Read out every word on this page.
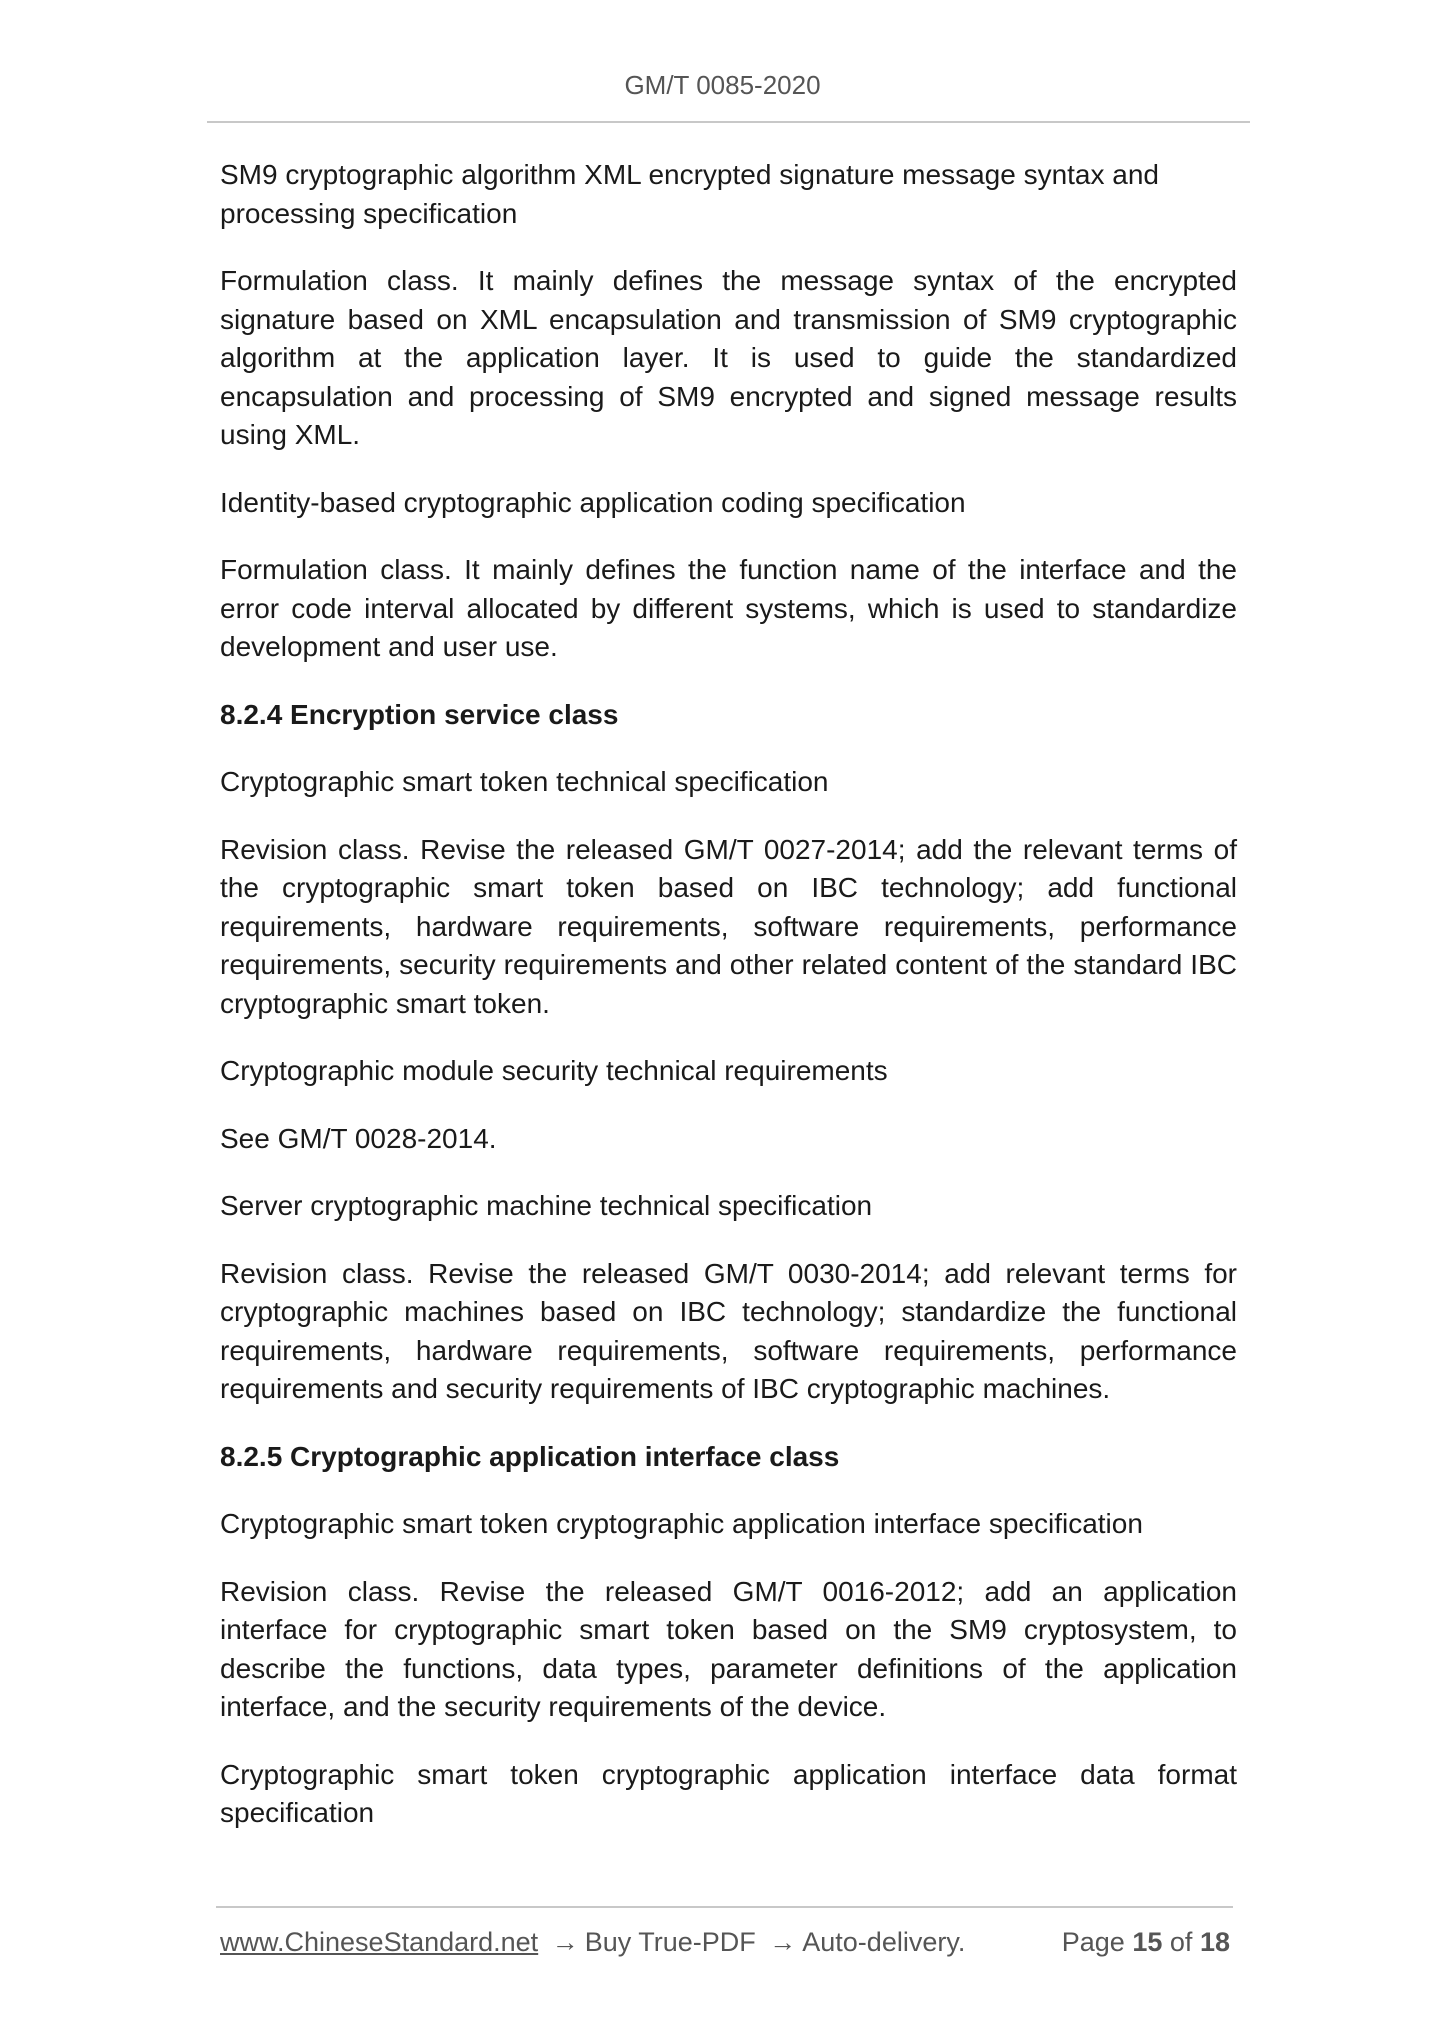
GM/T 0085-2020

SM9 cryptographic algorithm XML encrypted signature message syntax and processing specification

Formulation class. It mainly defines the message syntax of the encrypted signature based on XML encapsulation and transmission of SM9 cryptographic algorithm at the application layer. It is used to guide the standardized encapsulation and processing of SM9 encrypted and signed message results using XML.

Identity-based cryptographic application coding specification

Formulation class. It mainly defines the function name of the interface and the error code interval allocated by different systems, which is used to standardize development and user use.

8.2.4 Encryption service class

Cryptographic smart token technical specification

Revision class. Revise the released GM/T 0027-2014; add the relevant terms of the cryptographic smart token based on IBC technology; add functional requirements, hardware requirements, software requirements, performance requirements, security requirements and other related content of the standard IBC cryptographic smart token.

Cryptographic module security technical requirements

See GM/T 0028-2014.

Server cryptographic machine technical specification

Revision class. Revise the released GM/T 0030-2014; add relevant terms for cryptographic machines based on IBC technology; standardize the functional requirements, hardware requirements, software requirements, performance requirements and security requirements of IBC cryptographic machines.

8.2.5 Cryptographic application interface class

Cryptographic smart token cryptographic application interface specification

Revision class. Revise the released GM/T 0016-2012; add an application interface for cryptographic smart token based on the SM9 cryptosystem, to describe the functions, data types, parameter definitions of the application interface, and the security requirements of the device.

Cryptographic smart token cryptographic application interface data format specification

www.ChineseStandard.net → Buy True-PDF → Auto-delivery.	Page 15 of 18
